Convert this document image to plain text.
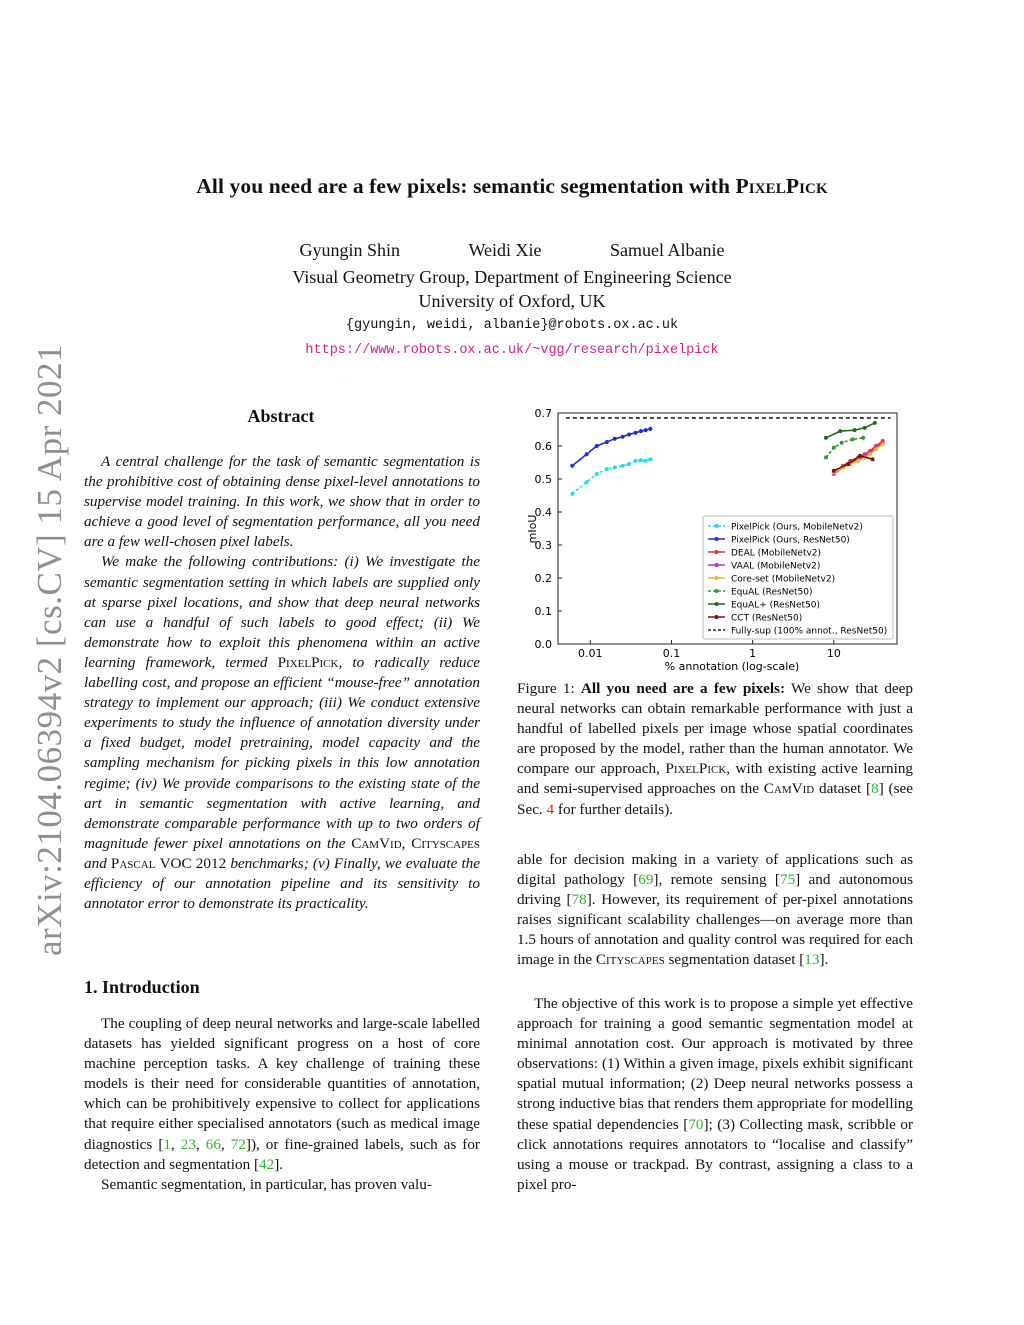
arXiv:2104.06394v2 [cs.CV] 15 Apr 2021
All you need are a few pixels: semantic segmentation with PixelPick
Gyungin Shin	Weidi Xie	Samuel Albanie
Visual Geometry Group, Department of Engineering Science
University of Oxford, UK
{gyungin, weidi, albanie}@robots.ox.ac.uk
https://www.robots.ox.ac.uk/~vgg/research/pixelpick
Abstract

A central challenge for the task of semantic segmentation is the prohibitive cost of obtaining dense pixel-level annotations to supervise model training. In this work, we show that in order to achieve a good level of segmentation performance, all you need are a few well-chosen pixel labels.

We make the following contributions: (i) We investigate the semantic segmentation setting in which labels are supplied only at sparse pixel locations, and show that deep neural networks can use a handful of such labels to good effect; (ii) We demonstrate how to exploit this phenomena within an active learning framework, termed PixelPick, to radically reduce labelling cost, and propose an efficient “mouse-free” annotation strategy to implement our approach; (iii) We conduct extensive experiments to study the influence of annotation diversity under a fixed budget, model pretraining, model capacity and the sampling mechanism for picking pixels in this low annotation regime; (iv) We provide comparisons to the existing state of the art in semantic segmentation with active learning, and demonstrate comparable performance with up to two orders of magnitude fewer pixel annotations on the CamVid, Cityscapes and Pascal VOC 2012 benchmarks; (v) Finally, we evaluate the efficiency of our annotation pipeline and its sensitivity to annotator error to demonstrate its practicality.

1. Introduction

The coupling of deep neural networks and large-scale labelled datasets has yielded significant progress on a host of core machine perception tasks. A key challenge of training these models is their need for considerable quantities of annotation, which can be prohibitively expensive to collect for applications that require either specialised annotators (such as medical image diagnostics [1, 23, 66, 72]), or fine-grained labels, such as for detection and segmentation [42].

Semantic segmentation, in particular, has proven valu-

0.0
0.1
0.2
0.3
0.4
0.5
0.6
0.7
0.01	0.1	1	10
% annotation (log-scale)
mIoU	PixelPick (Ours, MobileNetv2)
PixelPick (Ours, ResNet50)
DEAL (MobileNetv2)
VAAL (MobileNetv2)
Core-set (MobileNetv2)
EquAL (ResNet50)
EquAL+ (ResNet50)
CCT (ResNet50)
Fully-sup (100% annot., ResNet50)
Figure 1: All you need are a few pixels: We show that deep neural networks can obtain remarkable performance with just a handful of labelled pixels per image whose spatial coordinates are proposed by the model, rather than the human annotator. We compare our approach, PixelPick, with existing active learning and semi-supervised approaches on the CamVid dataset [8] (see Sec. 4 for further details).

able for decision making in a variety of applications such as digital pathology [69], remote sensing [75] and autonomous driving [78]. However, its requirement of per-pixel annotations raises significant scalability challenges—on average more than 1.5 hours of annotation and quality control was required for each image in the Cityscapes segmentation dataset [13].

The objective of this work is to propose a simple yet effective approach for training a good semantic segmentation model at minimal annotation cost. Our approach is motivated by three observations: (1) Within a given image, pixels exhibit significant spatial mutual information; (2) Deep neural networks possess a strong inductive bias that renders them appropriate for modelling these spatial dependencies [70]; (3) Collecting mask, scribble or click annotations requires annotators to “localise and classify” using a mouse or trackpad. By contrast, assigning a class to a pixel pro-
